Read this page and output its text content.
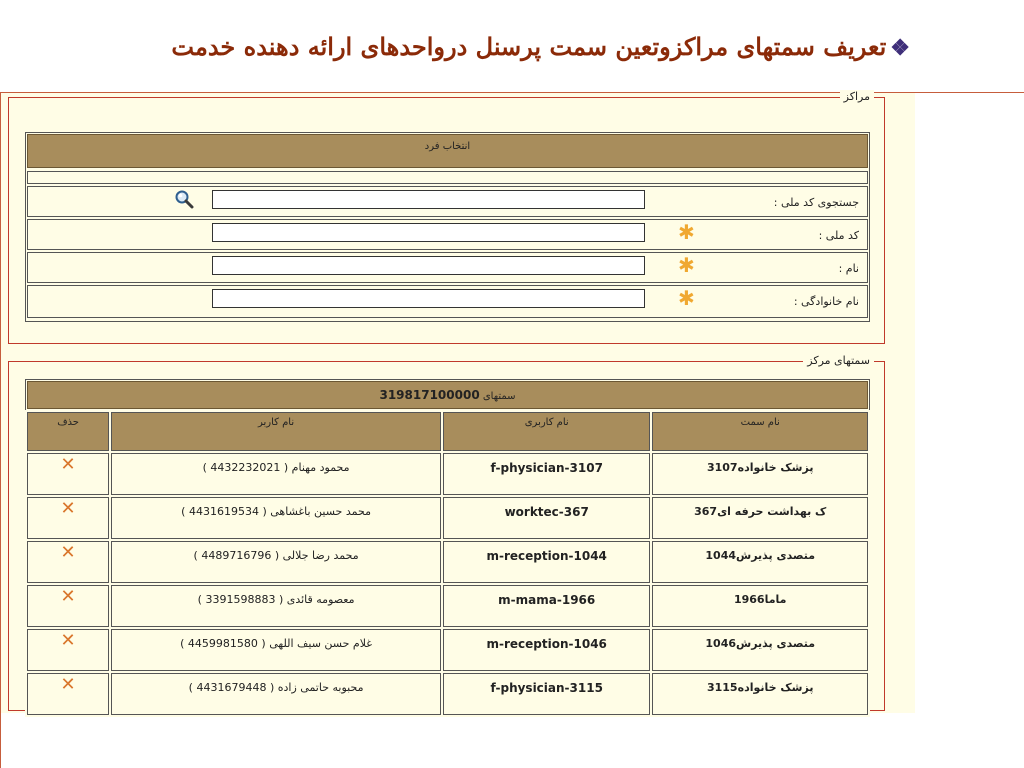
❖تعریف سمتهای مراکزوتعین سمت پرسنل درواحدهای ارائه دهنده خدمت
مراکز
انتخاب فرد
جستجوی کد ملی :
کد ملی :
✱
نام :
✱
نام خانوادگی :
✱
سمتهای مرکز
سمتهای 319817100000
حذف	نام کاربر	نام کاربری	نام سمت
✕	محمود مهنام ( 4432232021 )	f-physician-3107	پزشک خانواده3107
✕	محمد حسین باغشاهی ( 4431619534 )	worktec-367	ک بهداشت حرفه ای367
✕	محمد رضا جلالی ( 4489716796 )	m-reception-1044	متصدی پذیرش1044
✕	معصومه قائدی ( 3391598883 )	m-mama-1966	ماما1966
✕	غلام حسن سیف اللهی ( 4459981580 )	m-reception-1046	متصدی پذیرش1046
✕	محبوبه حاتمی زاده ( 4431679448 )	f-physician-3115	پزشک خانواده3115
